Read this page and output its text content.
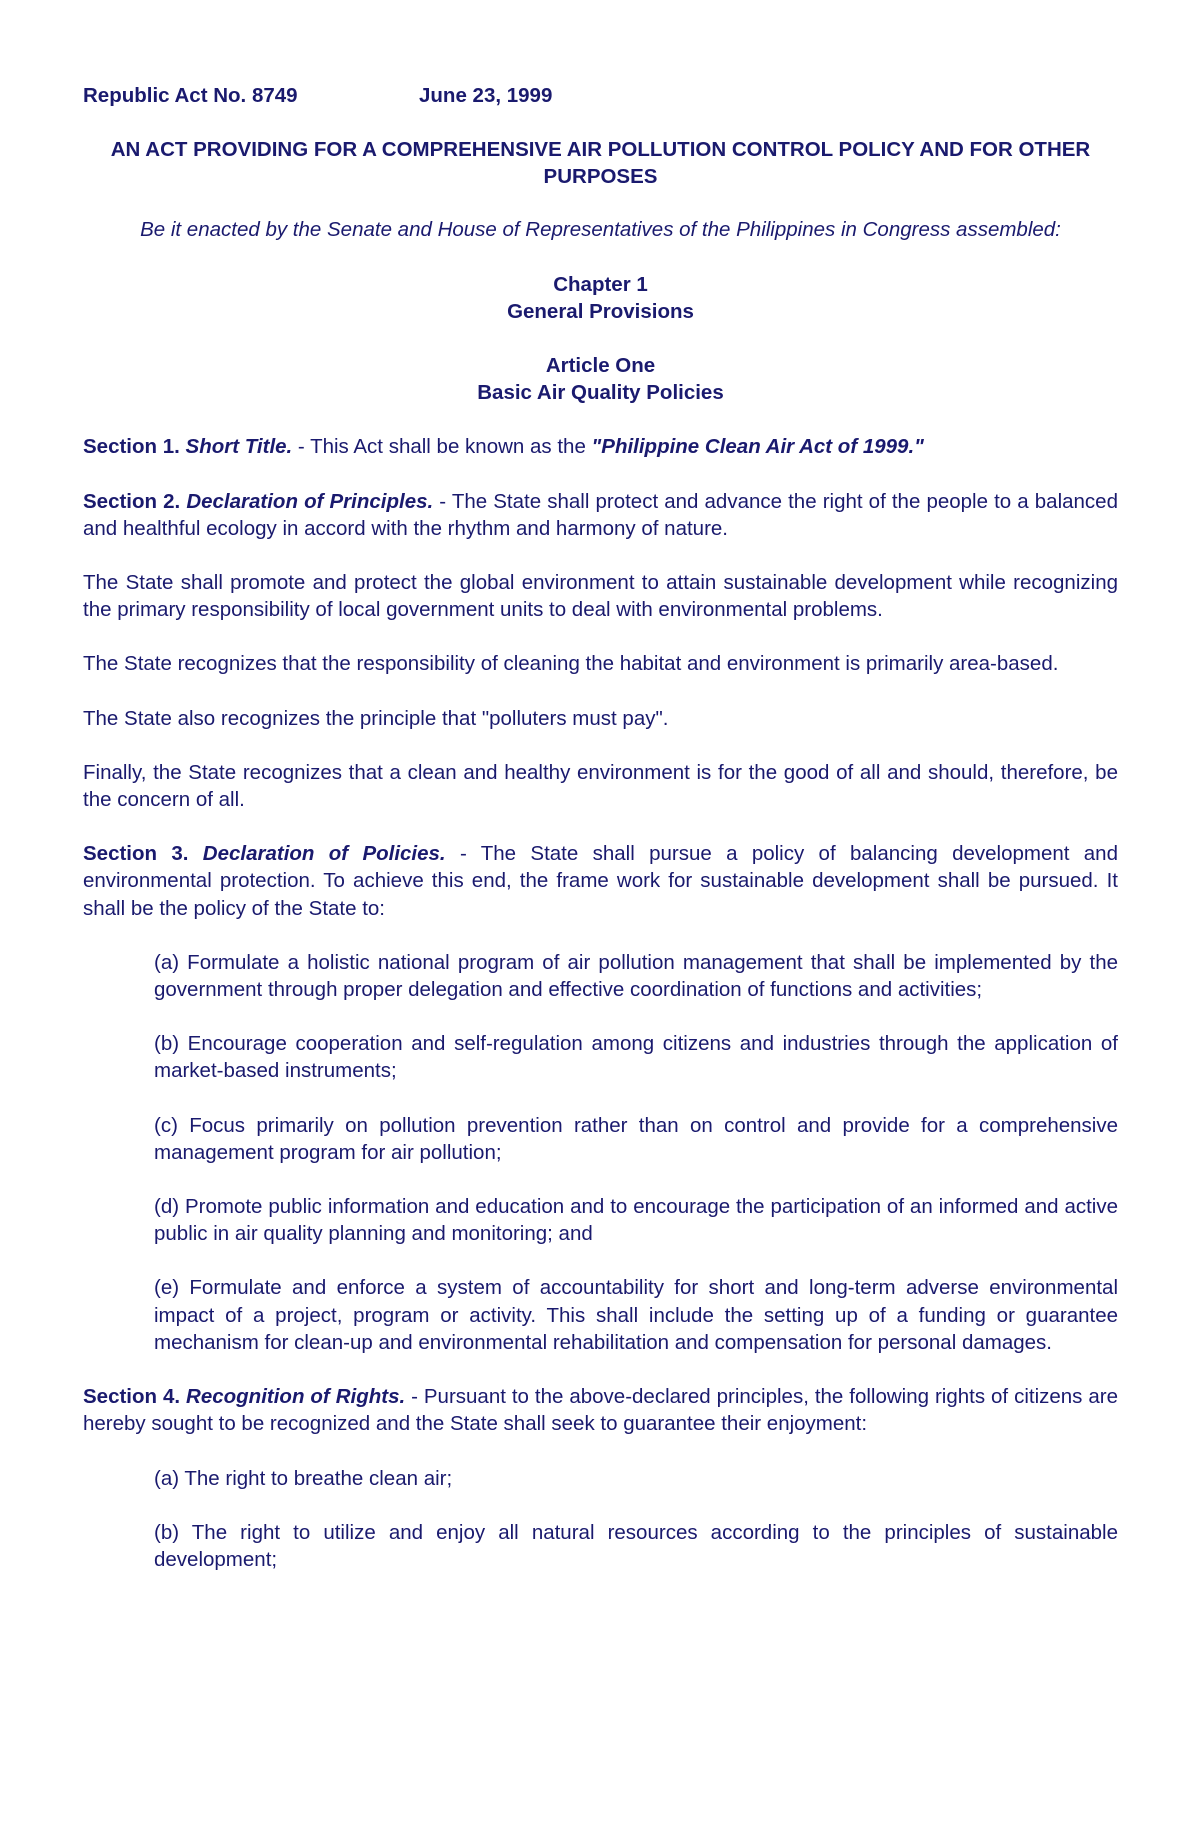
Republic Act No. 8749	June 23, 1999

AN ACT PROVIDING FOR A COMPREHENSIVE AIR POLLUTION CONTROL POLICY AND FOR OTHER PURPOSES

Be it enacted by the Senate and House of Representatives of the Philippines in Congress assembled:

Chapter 1
General Provisions
Article One
Basic Air Quality Policies

Section 1. Short Title. - This Act shall be known as the "Philippine Clean Air Act of 1999."

Section 2. Declaration of Principles. - The State shall protect and advance the right of the people to a balanced and healthful ecology in accord with the rhythm and harmony of nature.

The State shall promote and protect the global environment to attain sustainable development while recognizing the primary responsibility of local government units to deal with environmental problems.

The State recognizes that the responsibility of cleaning the habitat and environment is primarily area-based.

The State also recognizes the principle that "polluters must pay".

Finally, the State recognizes that a clean and healthy environment is for the good of all and should, therefore, be the concern of all.

Section 3. Declaration of Policies. - The State shall pursue a policy of balancing development and environmental protection. To achieve this end, the frame work for sustainable development shall be pursued. It shall be the policy of the State to:

(a) Formulate a holistic national program of air pollution management that shall be implemented by the government through proper delegation and effective coordination of functions and activities;

(b) Encourage cooperation and self-regulation among citizens and industries through the application of market-based instruments;

(c) Focus primarily on pollution prevention rather than on control and provide for a comprehensive management program for air pollution;

(d) Promote public information and education and to encourage the participation of an informed and active public in air quality planning and monitoring; and

(e) Formulate and enforce a system of accountability for short and long-term adverse environmental impact of a project, program or activity. This shall include the setting up of a funding or guarantee mechanism for clean-up and environmental rehabilitation and compensation for personal damages.

Section 4. Recognition of Rights. - Pursuant to the above-declared principles, the following rights of citizens are hereby sought to be recognized and the State shall seek to guarantee their enjoyment:

(a) The right to breathe clean air;

(b) The right to utilize and enjoy all natural resources according to the principles of sustainable development;
